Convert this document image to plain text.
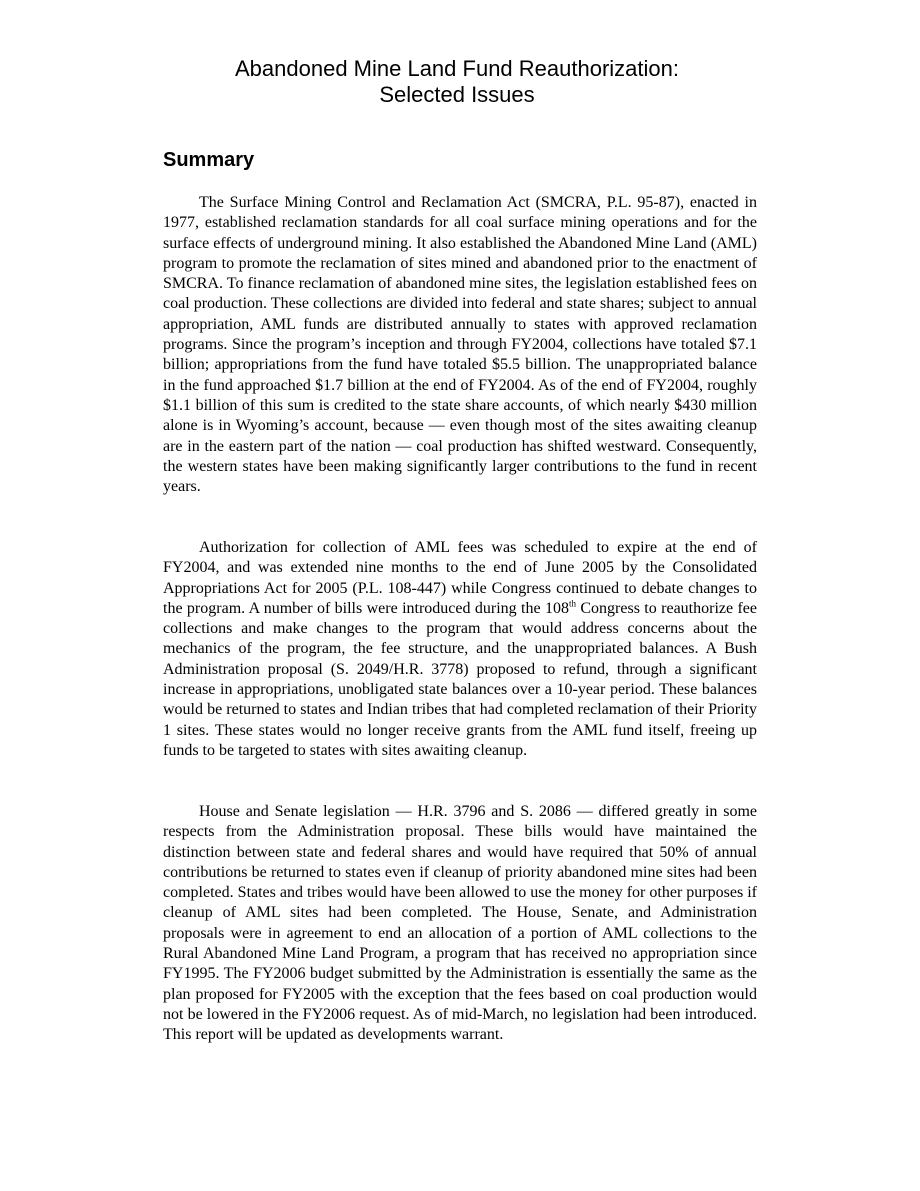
Abandoned Mine Land Fund Reauthorization:
Selected Issues
Summary

The Surface Mining Control and Reclamation Act (SMCRA, P.L. 95-87), enacted in 1977, established reclamation standards for all coal surface mining operations and for the surface effects of underground mining. It also established the Abandoned Mine Land (AML) program to promote the reclamation of sites mined and abandoned prior to the enactment of SMCRA. To finance reclamation of abandoned mine sites, the legislation established fees on coal production. These collections are divided into federal and state shares; subject to annual appropriation, AML funds are distributed annually to states with approved reclamation programs. Since the program’s inception and through FY2004, collections have totaled $7.1 billion; appropriations from the fund have totaled $5.5 billion. The unappropriated balance in the fund approached $1.7 billion at the end of FY2004. As of the end of FY2004, roughly $1.1 billion of this sum is credited to the state share accounts, of which nearly $430 million alone is in Wyoming’s account, because — even though most of the sites awaiting cleanup are in the eastern part of the nation — coal production has shifted westward. Consequently, the western states have been making significantly larger contributions to the fund in recent years.

Authorization for collection of AML fees was scheduled to expire at the end of FY2004, and was extended nine months to the end of June 2005 by the Consolidated Appropriations Act for 2005 (P.L. 108-447) while Congress continued to debate changes to the program. A number of bills were introduced during the 108th Congress to reauthorize fee collections and make changes to the program that would address concerns about the mechanics of the program, the fee structure, and the unappropriated balances. A Bush Administration proposal (S. 2049/H.R. 3778) proposed to refund, through a significant increase in appropriations, unobligated state balances over a 10-year period. These balances would be returned to states and Indian tribes that had completed reclamation of their Priority 1 sites. These states would no longer receive grants from the AML fund itself, freeing up funds to be targeted to states with sites awaiting cleanup.

House and Senate legislation — H.R. 3796 and S. 2086 — differed greatly in some respects from the Administration proposal. These bills would have maintained the distinction between state and federal shares and would have required that 50% of annual contributions be returned to states even if cleanup of priority abandoned mine sites had been completed. States and tribes would have been allowed to use the money for other purposes if cleanup of AML sites had been completed. The House, Senate, and Administration proposals were in agreement to end an allocation of a portion of AML collections to the Rural Abandoned Mine Land Program, a program that has received no appropriation since FY1995. The FY2006 budget submitted by the Administration is essentially the same as the plan proposed for FY2005 with the exception that the fees based on coal production would not be lowered in the FY2006 request. As of mid-March, no legislation had been introduced. This report will be updated as developments warrant.
